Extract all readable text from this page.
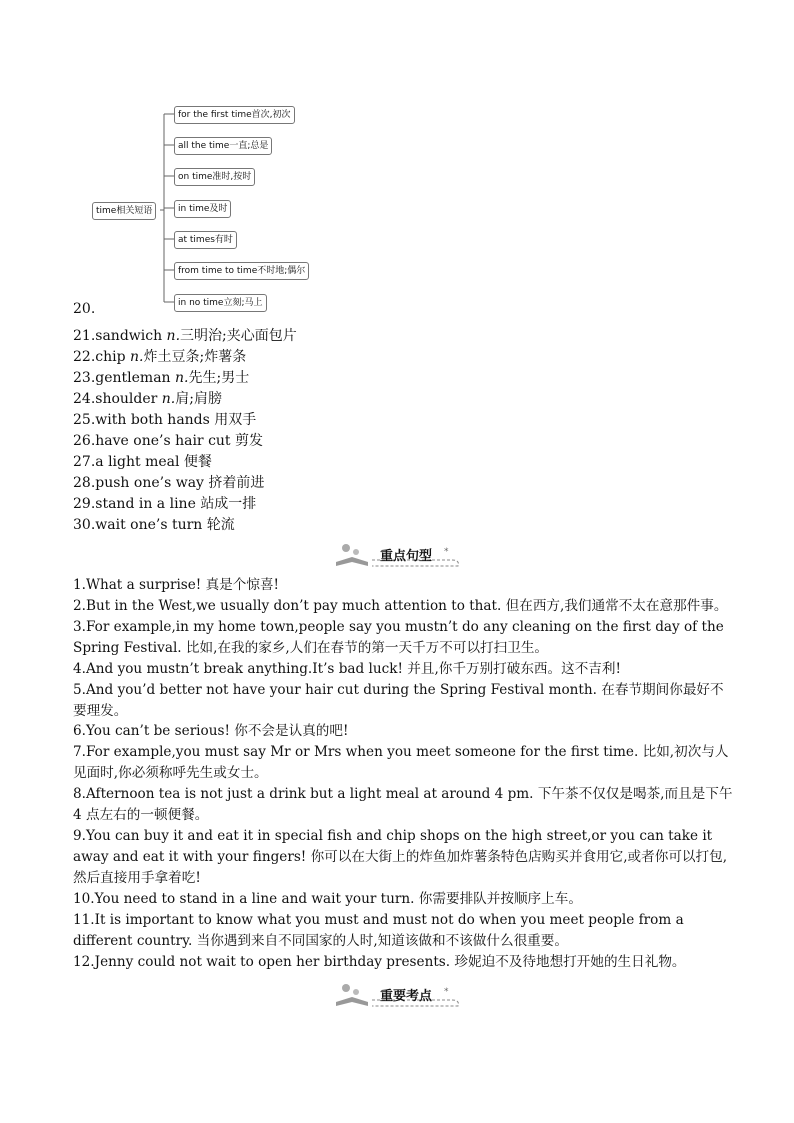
time相关短语
for the first time首次,初次
all the time一直;总是
on time准时,按时
in time及时
at times有时
from time to time不时地;偶尔
in no time立刻;马上
20.
21.sandwich n.三明治;夹心面包片
22.chip n.炸土豆条;炸薯条
23.gentleman n.先生;男士
24.shoulder n.肩;肩膀
25.with both hands 用双手
26.have one’s hair cut 剪发
27.a light meal 便餐
28.push one’s way 挤着前进
29.stand in a line 站成一排
30.wait one’s turn 轮流
*
重点句型
1.What a surprise! 真是个惊喜!
2.But in the West,we usually don’t pay much attention to that. 但在西方,我们通常不太在意那件事。
3.For example,in my home town,people say you mustn’t do any cleaning on the first day of the Spring Festival. 比如,在我的家乡,人们在春节的第一天千万不可以打扫卫生。
4.And you mustn’t break anything.It’s bad luck! 并且,你千万别打破东西。这不吉利!
5.And you’d better not have your hair cut during the Spring Festival month. 在春节期间你最好不要理发。
6.You can’t be serious! 你不会是认真的吧!
7.For example,you must say Mr or Mrs when you meet someone for the first time. 比如,初次与人见面时,你必须称呼先生或女士。
8.Afternoon tea is not just a drink but a light meal at around 4 pm. 下午茶不仅仅是喝茶,而且是下午 4 点左右的一顿便餐。
9.You can buy it and eat it in special fish and chip shops on the high street,or you can take it away and eat it with your fingers! 你可以在大街上的炸鱼加炸薯条特色店购买并食用它,或者你可以打包,然后直接用手拿着吃!
10.You need to stand in a line and wait your turn. 你需要排队并按顺序上车。
11.It is important to know what you must and must not do when you meet people from a different country. 当你遇到来自不同国家的人时,知道该做和不该做什么很重要。
12.Jenny could not wait to open her birthday presents. 珍妮迫不及待地想打开她的生日礼物。
*
重要考点
